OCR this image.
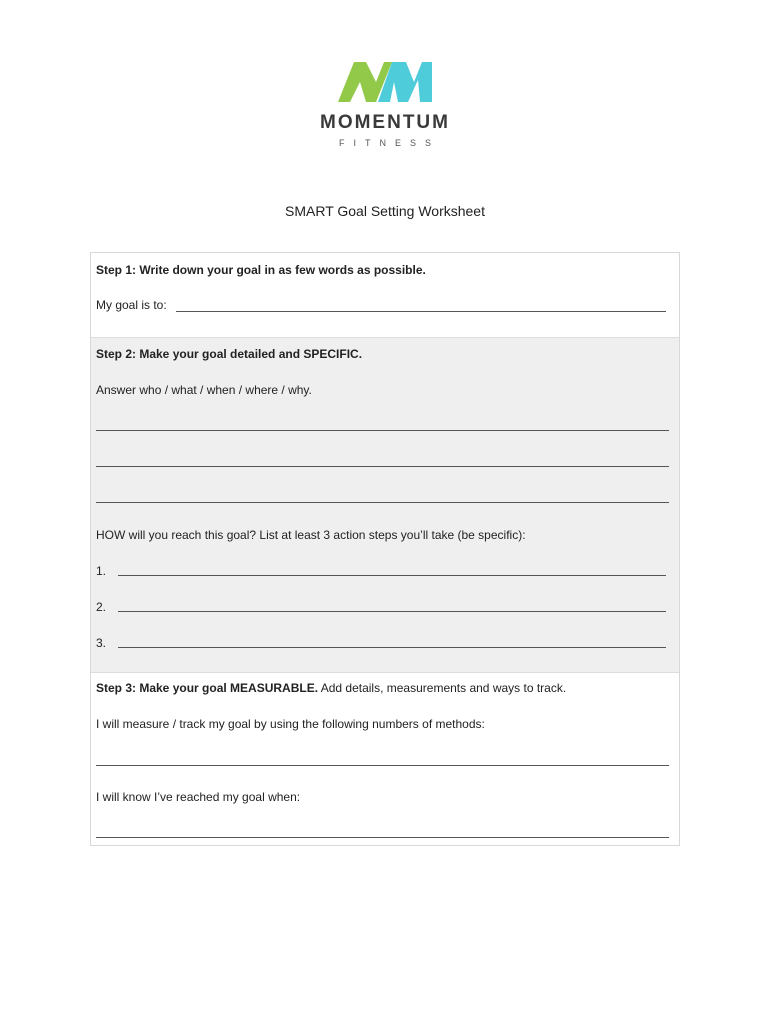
MOMENTUM
FITNESS
SMART Goal Setting Worksheet
Step 1: Write down your goal in as few words as possible.
My goal is to:
Step 2: Make your goal detailed and SPECIFIC.
Answer who / what / when / where / why.
HOW will you reach this goal? List at least 3 action steps you’ll take (be specific):
1.
2.
3.
Step 3: Make your goal MEASURABLE. Add details, measurements and ways to track.
I will measure / track my goal by using the following numbers of methods:
I will know I’ve reached my goal when:
